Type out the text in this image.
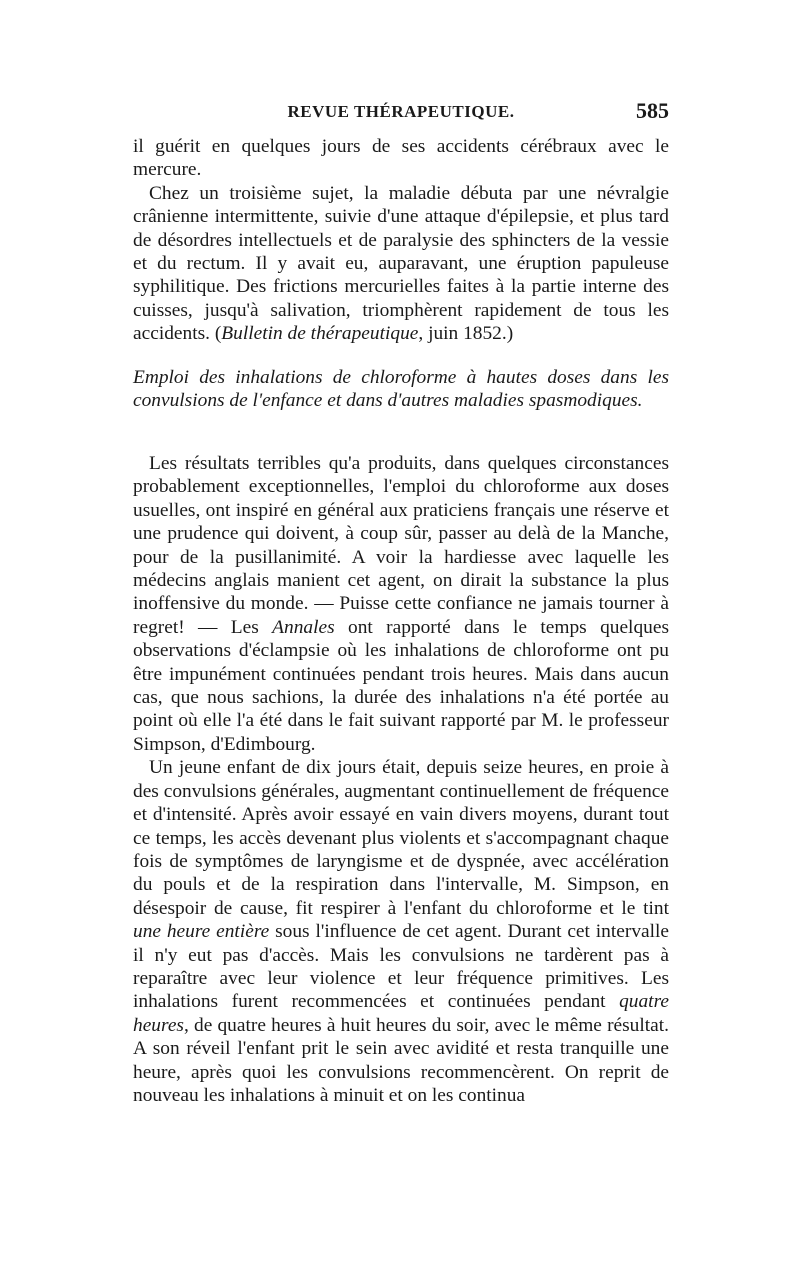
REVUE THÉRAPEUTIQUE.	585

il guérit en quelques jours de ses accidents cérébraux avec le mercure.

Chez un troisième sujet, la maladie débuta par une névralgie crânienne intermittente, suivie d'une attaque d'épilepsie, et plus tard de désordres intellectuels et de paralysie des sphincters de la vessie et du rectum. Il y avait eu, auparavant, une éruption papuleuse syphilitique. Des frictions mercurielles faites à la partie interne des cuisses, jusqu'à salivation, triomphèrent rapidement de tous les accidents. (Bulletin de thérapeutique, juin 1852.)

Emploi des inhalations de chloroforme à hautes doses dans les convulsions de l'enfance et dans d'autres maladies spasmodiques.

Les résultats terribles qu'a produits, dans quelques circonstances probablement exceptionnelles, l'emploi du chloroforme aux doses usuelles, ont inspiré en général aux praticiens français une réserve et une prudence qui doivent, à coup sûr, passer au delà de la Manche, pour de la pusillanimité. A voir la hardiesse avec laquelle les médecins anglais manient cet agent, on dirait la substance la plus inoffensive du monde. — Puisse cette confiance ne jamais tourner à regret! — Les Annales ont rapporté dans le temps quelques observations d'éclampsie où les inhalations de chloroforme ont pu être impunément continuées pendant trois heures. Mais dans aucun cas, que nous sachions, la durée des inhalations n'a été portée au point où elle l'a été dans le fait suivant rapporté par M. le professeur Simpson, d'Edimbourg.

Un jeune enfant de dix jours était, depuis seize heures, en proie à des convulsions générales, augmentant continuellement de fréquence et d'intensité. Après avoir essayé en vain divers moyens, durant tout ce temps, les accès devenant plus violents et s'accompagnant chaque fois de symptômes de laryngisme et de dyspnée, avec accélération du pouls et de la respiration dans l'intervalle, M. Simpson, en désespoir de cause, fit respirer à l'enfant du chloroforme et le tint une heure entière sous l'influence de cet agent. Durant cet intervalle il n'y eut pas d'accès. Mais les convulsions ne tardèrent pas à reparaître avec leur violence et leur fréquence primitives. Les inhalations furent recommencées et continuées pendant quatre heures, de quatre heures à huit heures du soir, avec le même résultat. A son réveil l'enfant prit le sein avec avidité et resta tranquille une heure, après quoi les convulsions recommencèrent. On reprit de nouveau les inhalations à minuit et on les continua
